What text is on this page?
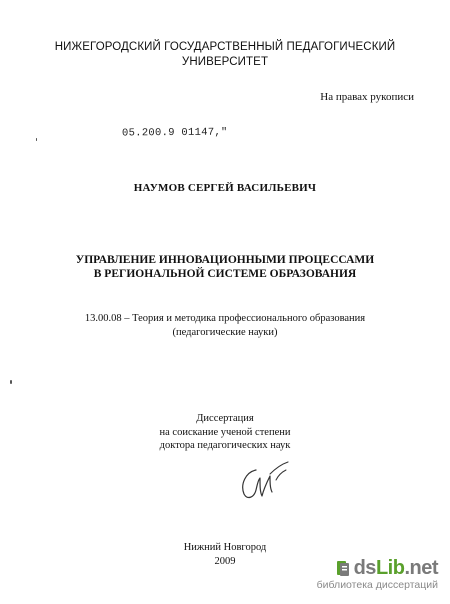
НИЖЕГОРОДСКИЙ ГОСУДАРСТВЕННЫЙ ПЕДАГОГИЧЕСКИЙ
УНИВЕРСИТЕТ
На правах рукописи
05.200.9 01147,"
НАУМОВ СЕРГЕЙ ВАСИЛЬЕВИЧ
УПРАВЛЕНИЕ ИННОВАЦИОННЫМИ ПРОЦЕССАМИ
В РЕГИОНАЛЬНОЙ СИСТЕМЕ ОБРАЗОВАНИЯ
13.00.08 – Теория и методика профессионального образования
(педагогические науки)
Диссертация
на соискание ученой степени
доктора педагогических наук
Нижний Новгород
2009	dsLib.net
библиотека диссертаций
